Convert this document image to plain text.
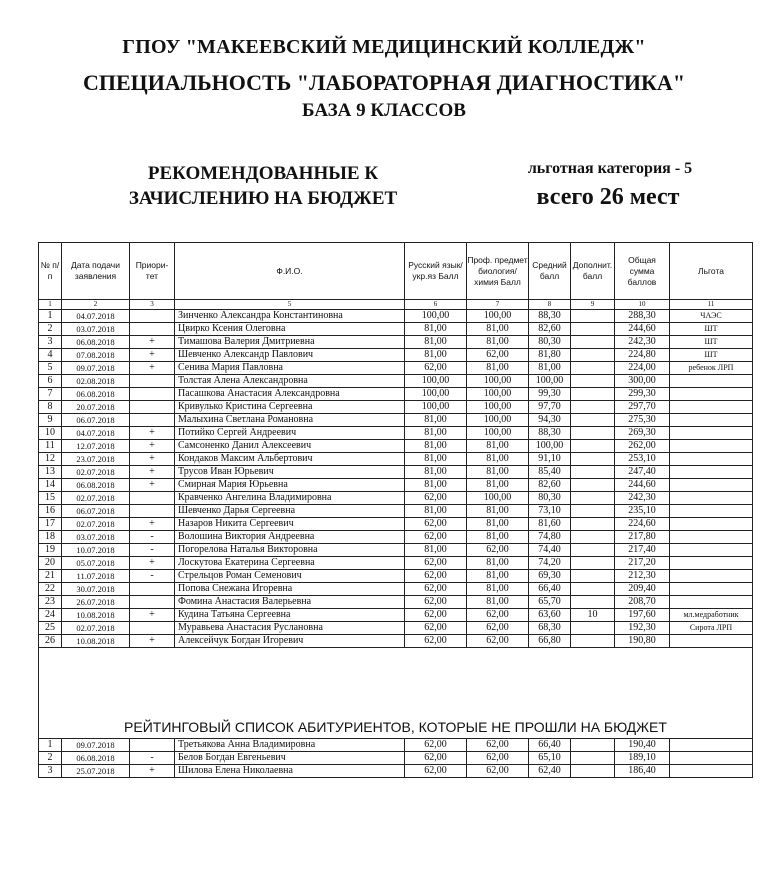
ГПОУ "МАКЕЕВСКИЙ МЕДИЦИНСКИЙ КОЛЛЕДЖ"
СПЕЦИАЛЬНОСТЬ "ЛАБОРАТОРНАЯ ДИАГНОСТИКА"
БАЗА 9 КЛАССОВ
РЕКОМЕНДОВАННЫЕ К
ЗАЧИСЛЕНИЮ НА БЮДЖЕТ
льготная категория - 5
всего 26 мест
№ п/п	Дата подачи заявления	Приори-тет	Ф.И.О.	Русский язык/укр.яз Балл	Проф. предмет биология/ химия Балл	Средний балл	Дополнит. балл	Общая сумма баллов	Льгота
1	2	3	5	6	7	8	9	10	11
1	04.07.2018		Зинченко Александра Константиновна	100,00	100,00	88,30		288,30	ЧАЭС
2	03.07.2018		Цвирко Ксения Олеговна	81,00	81,00	82,60		244,60	ШТ
3	06.08.2018	+	Тимашова Валерия Дмитриевна	81,00	81,00	80,30		242,30	ШТ
4	07.08.2018	+	Шевченко Александр Павлович	81,00	62,00	81,80		224,80	ШТ
5	09.07.2018	+	Сенива Мария Павловна	62,00	81,00	81,00		224,00	ребенок ЛРП
6	02.08.2018		Толстая Алена Александровна	100,00	100,00	100,00		300,00	
7	06.08.2018		Пасашкова Анастасия Александровна	100,00	100,00	99,30		299,30	
8	20.07.2018		Кривулько Кристина Сергеевна	100,00	100,00	97,70		297,70	
9	06.07.2018		Малыхина Светлана Романовна	81,00	100,00	94,30		275,30	
10	04.07.2018	+	Потийко Сергей Андреевич	81,00	100,00	88,30		269,30	
11	12.07.2018	+	Самсоненко Данил Алексеевич	81,00	81,00	100,00		262,00	
12	23.07.2018	+	Кондаков Максим Альбертович	81,00	81,00	91,10		253,10	
13	02.07.2018	+	Трусов Иван Юрьевич	81,00	81,00	85,40		247,40	
14	06.08.2018	+	Смирная Мария Юрьевна	81,00	81,00	82,60		244,60	
15	02.07.2018		Кравченко Ангелина Владимировна	62,00	100,00	80,30		242,30	
16	06.07.2018		Шевченко Дарья Сергеевна	81,00	81,00	73,10		235,10	
17	02.07.2018	+	Назаров Никита Сергеевич	62,00	81,00	81,60		224,60	
18	03.07.2018	-	Волошина Виктория Андреевна	62,00	81,00	74,80		217,80	
19	10.07.2018	-	Погорелова Наталья Викторовна	81,00	62,00	74,40		217,40	
20	05.07.2018	+	Лоскутова Екатерина Сергеевна	62,00	81,00	74,20		217,20	
21	11.07.2018	-	Стрельцов Роман Семенович	62,00	81,00	69,30		212,30	
22	30.07.2018		Попова Снежана Игоревна	62,00	81,00	66,40		209,40	
23	26.07.2018		Фомина Анастасия Валерьевна	62,00	81,00	65,70		208,70	
24	10.08.2018	+	Кудина Татьяна Сергеевна	62,00	62,00	63,60	10	197,60	мл.медработник
25	02.07.2018		Муравьева Анастасия Руслановна	62,00	62,00	68,30		192,30	Сирота ЛРП
26	10.08.2018	+	Алексейчук Богдан Игоревич	62,00	62,00	66,80		190,80	

РЕЙТИНГОВЫЙ СПИСОК АБИТУРИЕНТОВ, КОТОРЫЕ НЕ ПРОШЛИ НА БЮДЖЕТ									
1	09.07.2018		Третьякова Анна Владимировна	62,00	62,00	66,40		190,40	
2	06.08.2018	-	Белов Богдан Евгеньевич	62,00	62,00	65,10		189,10	
3	25.07.2018	+	Шилова Елена Николаевна	62,00	62,00	62,40		186,40	
